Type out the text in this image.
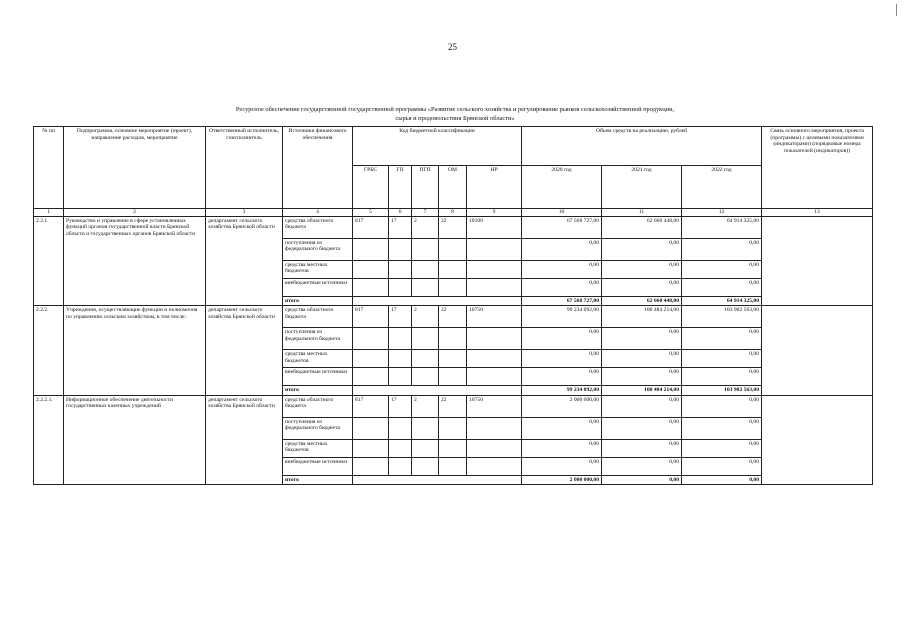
25
Ресурсное обеспечение государственной государственной программы «Развитие сельского хозяйства и регулирование рынков сельскохозяйственной продукции,
сырья и продовольствия Брянской области»
№ пп	Подпрограмма, основное мероприятие (проект), направление расходов, мероприятие	Ответственный исполнитель, соисполнитель	Источники финансового обеспечения	Код бюджетной классификации					Объем средств на реализацию, рублей			Связь основного мероприятия, проекта (программы) с целевыми показателями (индикаторами) (порядковые номера показателей (индикаторов))
				ГРБС	ГП	ПГП	ОМ	НР	2020 год	2021 год	2022 год	
1	2	3	4	5	6	7	8	9	10	11	12	13
2.2.1.	Руководство и управление в сфере установленных функций органов государственной власти Брянской области и государственных органов Брянской области	департамент сельского хозяйства Брянской области	средства областного бюджета	817	17	2	22	10100	67 568 727,00	62 660 448,00	64 914 325,00	
			поступления из федерального бюджета						0,00	0,00	0,00	
			средства местных бюджетов						0,00	0,00	0,00	
			внебюджетные источники						0,00	0,00	0,00	
			итого						67 568 727,00	62 660 448,00	64 914 325,00	
2.2.2.	Учреждения, осуществляющие функции и полномочия по управлению сельским хозяйством, в том числе:	департамент сельского хозяйства Брянской области	средства областного бюджета	817	17	2	22	10750	99 234 092,00	100 484 214,00	103 982 563,00	
			поступления из федерального бюджета						0,00	0,00	0,00	
			средства местных бюджетов						0,00	0,00	0,00	
			внебюджетные источники						0,00	0,00	0,00	
			итого						99 234 092,00	100 484 214,00	103 982 563,00	
2.2.2.1.	Информационное обеспечение деятельности государственных казенных учреждений	департамент сельского хозяйства Брянской области	средства областного бюджета	817	17	2	22	10750	2 000 000,00	0,00	0,00	
			поступления из федерального бюджета						0,00	0,00	0,00	
			средства местных бюджетов						0,00	0,00	0,00	
			внебюджетные источники						0,00	0,00	0,00	
			итого						2 000 000,00	0,00	0,00	
